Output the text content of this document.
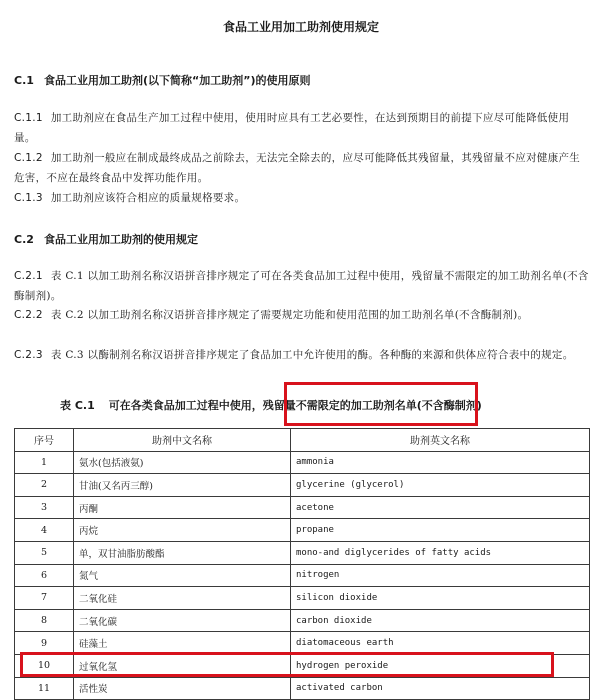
食品工业用加工助剂使用规定
C.1 食品工业用加工助剂(以下简称“加工助剂”)的使用原则
C.1.1 加工助剂应在食品生产加工过程中使用，使用时应具有工艺必要性，在达到预期目的前提下应尽可能降低使用量。
C.1.2 加工助剂一般应在制成最终成品之前除去，无法完全除去的，应尽可能降低其残留量，其残留量不应对健康产生危害，不应在最终食品中发挥功能作用。
C.1.3 加工助剂应该符合相应的质量规格要求。
C.2 食品工业用加工助剂的使用规定
C.2.1 表 C.1 以加工助剂名称汉语拼音排序规定了可在各类食品加工过程中使用，残留量不需限定的加工助剂名单(不含酶制剂)。
C.2.2 表 C.2 以加工助剂名称汉语拼音排序规定了需要规定功能和使用范围的加工助剂名单(不含酶制剂)。
C.2.3 表 C.3 以酶制剂名称汉语拼音排序规定了食品加工中允许使用的酶。各种酶的来源和供体应符合表中的规定。
表 C.1 可在各类食品加工过程中使用，残留量不需限定的加工助剂名单(不含酶制剂)
序号	助剂中文名称	助剂英文名称
1	氨水(包括液氨)	ammonia
2	甘油(又名丙三醇)	glycerine (glycerol)
3	丙酮	acetone
4	丙烷	propane
5	单，双甘油脂肪酸酯	mono-and diglycerides of fatty acids
6	氮气	nitrogen
7	二氧化硅	silicon dioxide
8	二氧化碳	carbon dioxide
9	硅藻土	diatomaceous earth
10	过氧化氢	hydrogen peroxide
11	活性炭	activated carbon
